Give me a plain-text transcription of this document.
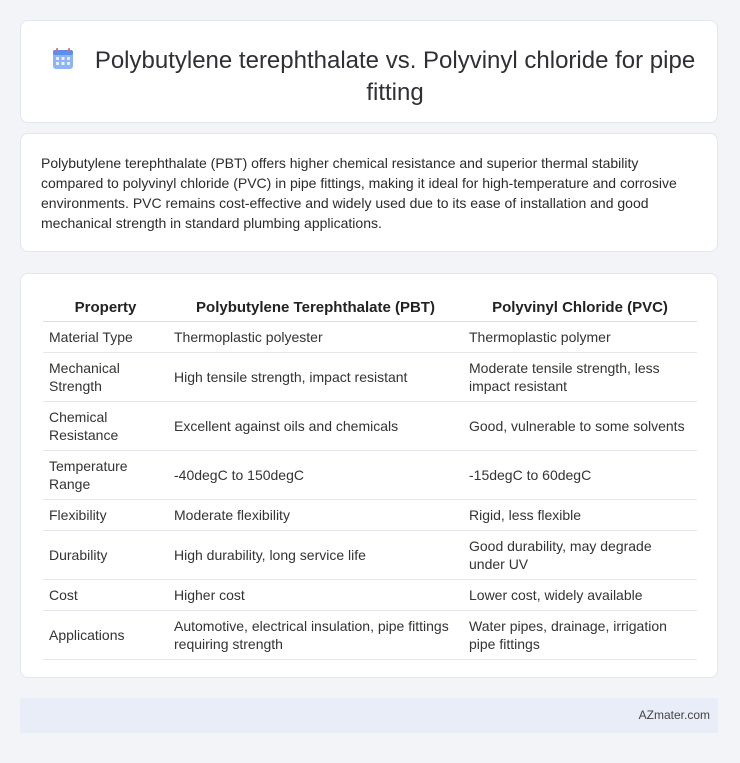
Polybutylene terephthalate vs. Polyvinyl chloride for pipe fitting

Polybutylene terephthalate (PBT) offers higher chemical resistance and superior thermal stability compared to polyvinyl chloride (PVC) in pipe fittings, making it ideal for high-temperature and corrosive environments. PVC remains cost-effective and widely used due to its ease of installation and good mechanical strength in standard plumbing applications.

Property	Polybutylene Terephthalate (PBT)	Polyvinyl Chloride (PVC)
Material Type	Thermoplastic polyester	Thermoplastic polymer
Mechanical Strength	High tensile strength, impact resistant	Moderate tensile strength, less impact resistant
Chemical Resistance	Excellent against oils and chemicals	Good, vulnerable to some solvents
Temperature Range	-40degC to 150degC	-15degC to 60degC
Flexibility	Moderate flexibility	Rigid, less flexible
Durability	High durability, long service life	Good durability, may degrade under UV
Cost	Higher cost	Lower cost, widely available
Applications	Automotive, electrical insulation, pipe fittings requiring strength	Water pipes, drainage, irrigation pipe fittings
AZmater.com
